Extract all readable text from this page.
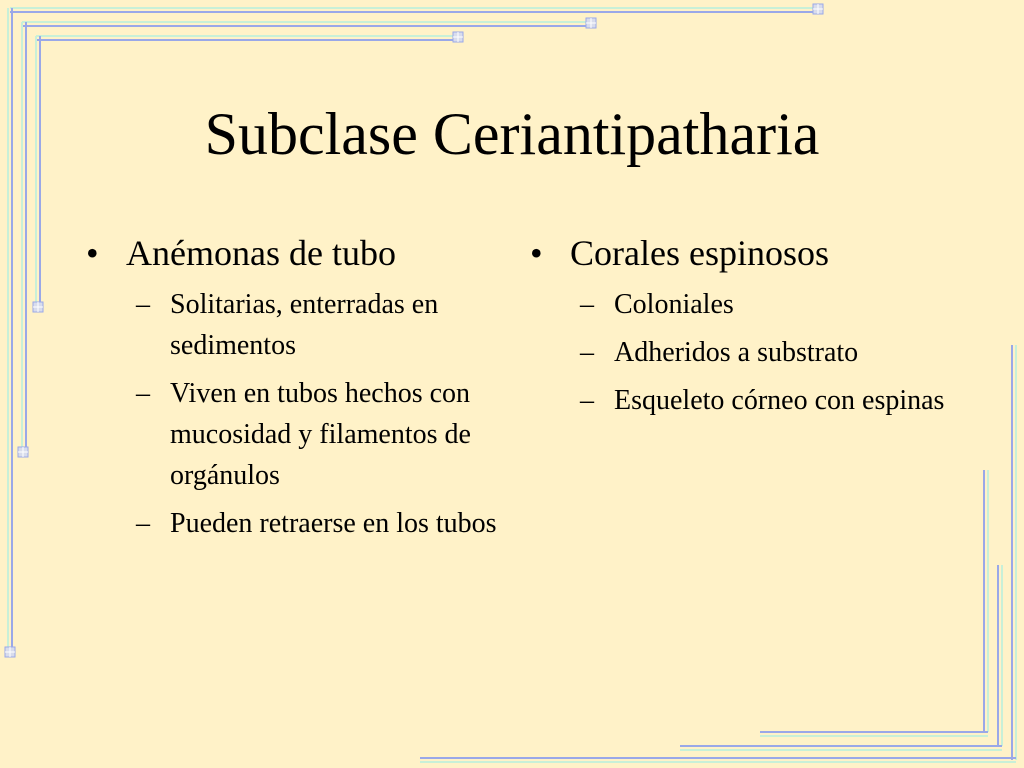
Subclase Ceriantipatharia
• Anémonas de tubo
– Solitarias, enterradas en sedimentos
– Viven en tubos hechos con mucosidad y filamentos de orgánulos
– Pueden retraerse en los tubos
• Corales espinosos
– Coloniales
– Adheridos a substrato
– Esqueleto córneo con espinas
